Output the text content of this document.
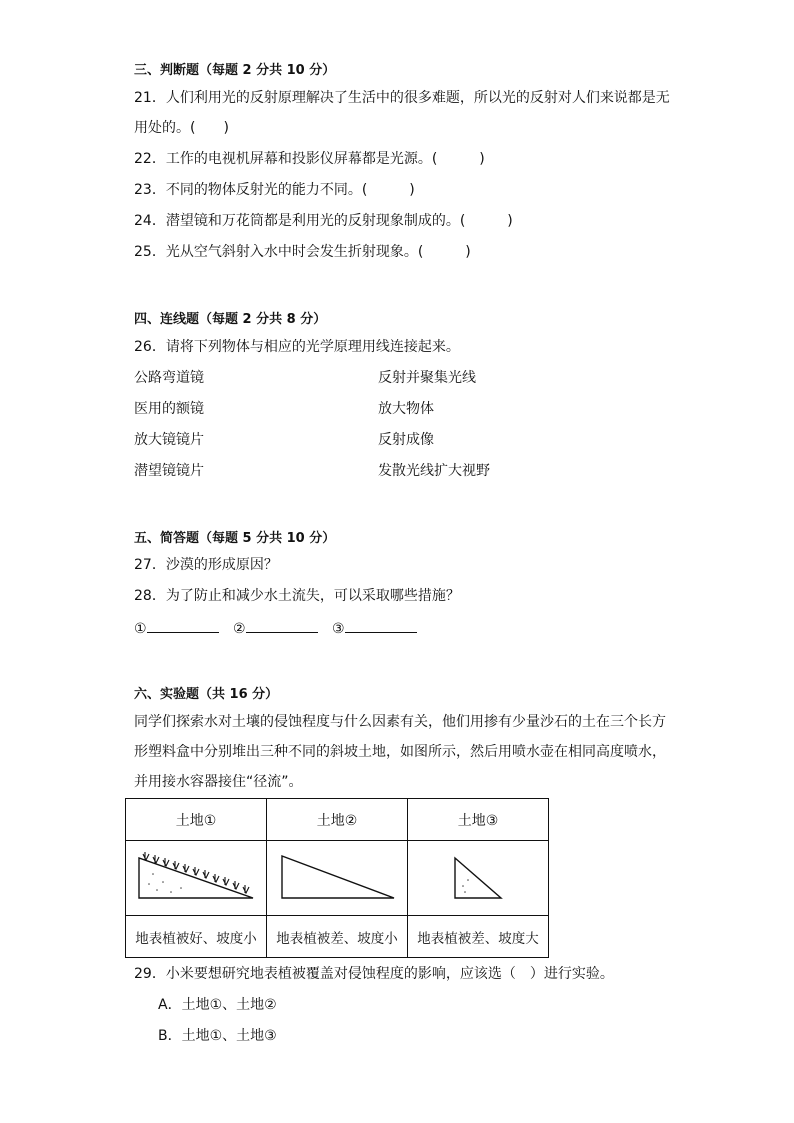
三、判断题（每题 2 分共 10 分）
21．人们利用光的反射原理解决了生活中的很多难题，所以光的反射对人们来说都是无
用处的。(　　)
22．工作的电视机屏幕和投影仪屏幕都是光源。(　　　)
23．不同的物体反射光的能力不同。(　　　)
24．潜望镜和万花筒都是利用光的反射现象制成的。(　　　)
25．光从空气斜射入水中时会发生折射现象。(　　　)
四、连线题（每题 2 分共 8 分）
26．请将下列物体与相应的光学原理用线连接起来。
公路弯道镜	反射并聚集光线
医用的额镜	放大物体
放大镜镜片	反射成像
潜望镜镜片	发散光线扩大视野
五、简答题（每题 5 分共 10 分）
27．沙漠的形成原因？
28．为了防止和减少水土流失，可以采取哪些措施？
①	②	③
六、实验题（共 16 分）
同学们探索水对土壤的侵蚀程度与什么因素有关，他们用掺有少量沙石的土在三个长方
形塑料盒中分别堆出三种不同的斜坡土地，如图所示，然后用喷水壶在相同高度喷水，
并用接水容器接住“径流”。
土地①	土地②	土地③

地表植被好、坡度小	地表植被差、坡度小	地表植被差、坡度大
29．小米要想研究地表植被覆盖对侵蚀程度的影响，应该选（　）进行实验。
A．土地①、土地②
B．土地①、土地③
